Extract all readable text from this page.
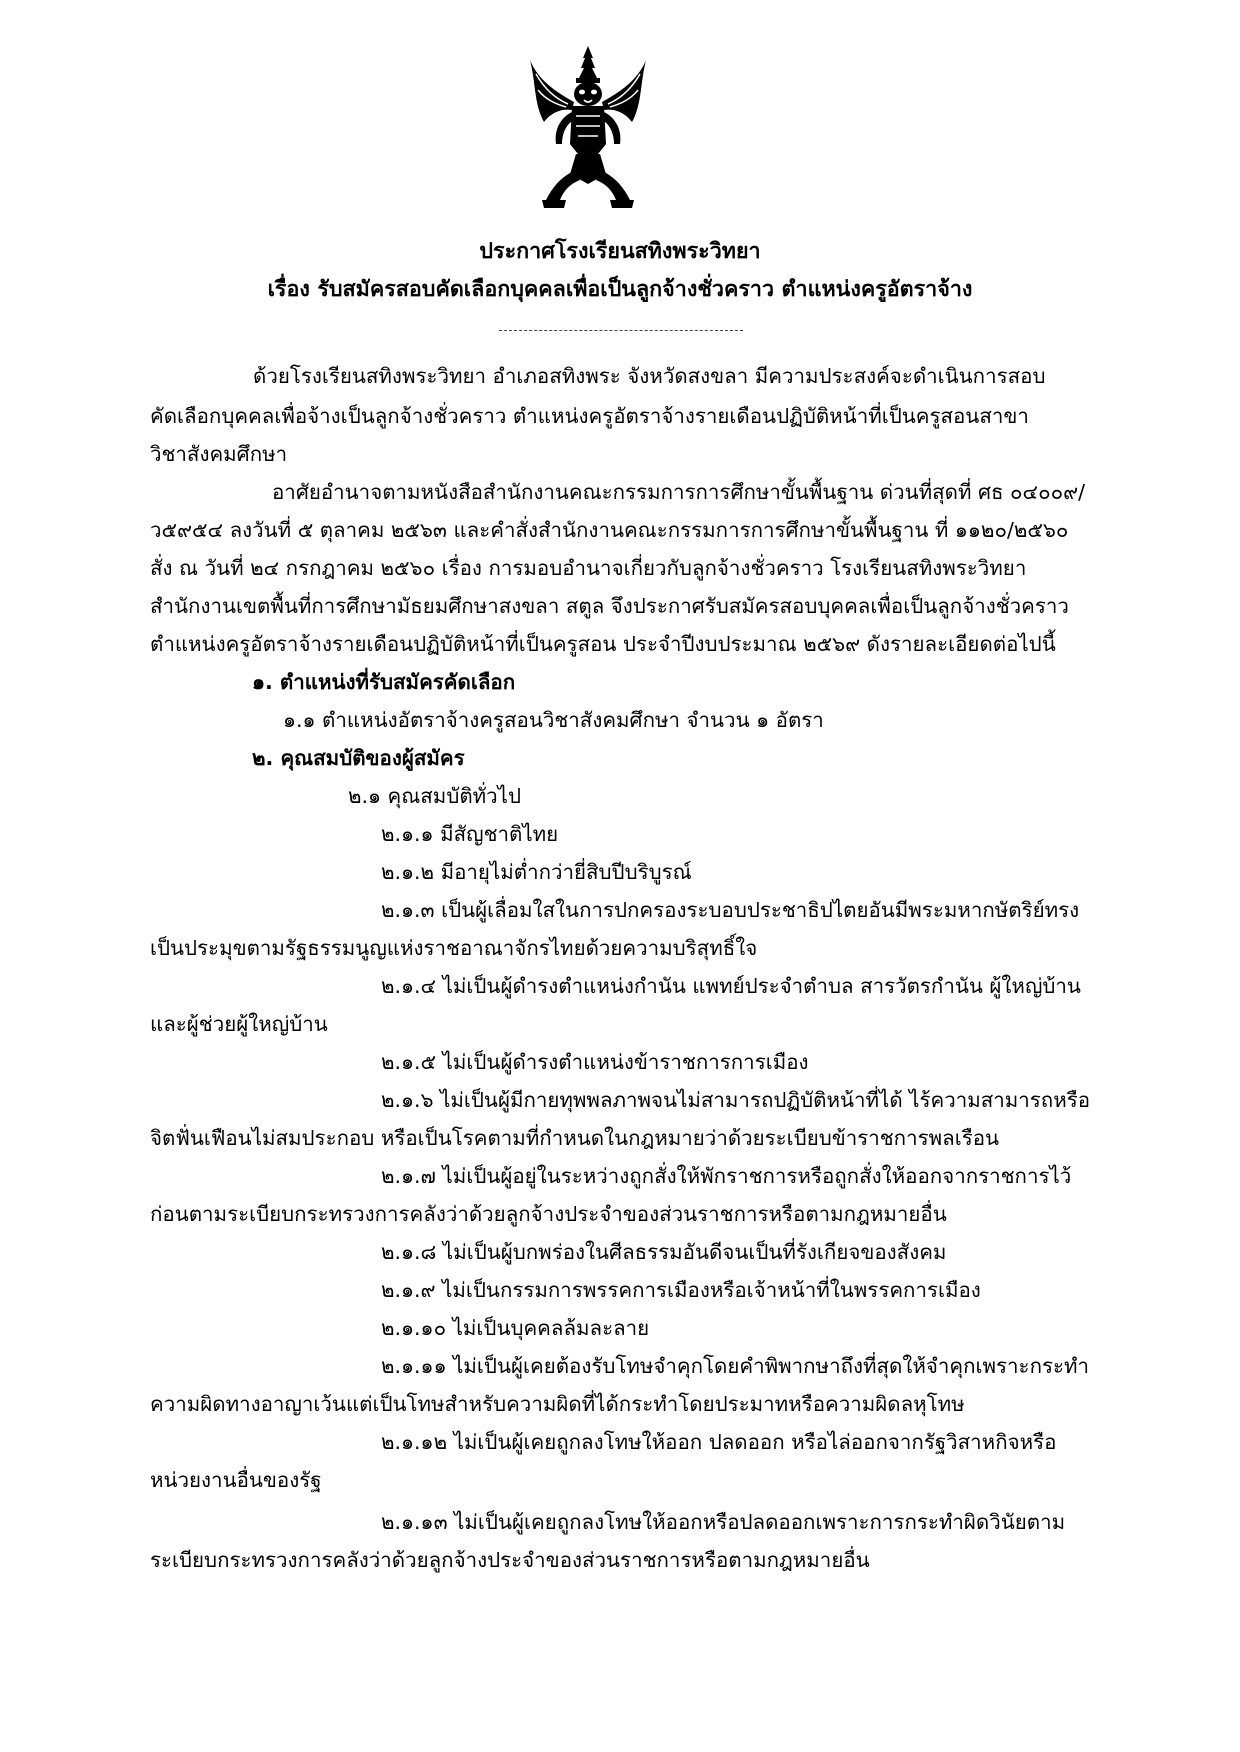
ประกาศโรงเรียนสทิงพระวิทยา
เรื่อง รับสมัครสอบคัดเลือกบุคคลเพื่อเป็นลูกจ้างชั่วคราว ตำแหน่งครูอัตราจ้าง
ด้วยโรงเรียนสทิงพระวิทยา อำเภอสทิงพระ จังหวัดสงขลา มีความประสงค์จะดำเนินการสอบ
คัดเลือกบุคคลเพื่อจ้างเป็นลูกจ้างชั่วคราว ตำแหน่งครูอัตราจ้างรายเดือนปฏิบัติหน้าที่เป็นครูสอนสาขา
วิชาสังคมศึกษา
อาศัยอำนาจตามหนังสือสำนักงานคณะกรรมการการศึกษาขั้นพื้นฐาน ด่วนที่สุดที่ ศธ ๐๔๐๐๙/
ว๕๙๕๔ ลงวันที่ ๕ ตุลาคม ๒๕๖๓ และคำสั่งสำนักงานคณะกรรมการการศึกษาขั้นพื้นฐาน ที่ ๑๑๒๐/๒๕๖๐
สั่ง ณ วันที่ ๒๔ กรกฎาคม ๒๕๖๐ เรื่อง การมอบอำนาจเกี่ยวกับลูกจ้างชั่วคราว โรงเรียนสทิงพระวิทยา
สำนักงานเขตพื้นที่การศึกษามัธยมศึกษาสงขลา สตูล จึงประกาศรับสมัครสอบบุคคลเพื่อเป็นลูกจ้างชั่วคราว
ตำแหน่งครูอัตราจ้างรายเดือนปฏิบัติหน้าที่เป็นครูสอน ประจำปีงบประมาณ ๒๕๖๙ ดังรายละเอียดต่อไปนี้
๑. ตำแหน่งที่รับสมัครคัดเลือก
๑.๑ ตำแหน่งอัตราจ้างครูสอนวิชาสังคมศึกษา จำนวน ๑ อัตรา
๒. คุณสมบัติของผู้สมัคร
๒.๑ คุณสมบัติทั่วไป
๒.๑.๑ มีสัญชาติไทย
๒.๑.๒ มีอายุไม่ต่ำกว่ายี่สิบปีบริบูรณ์
๒.๑.๓ เป็นผู้เลื่อมใสในการปกครองระบอบประชาธิปไตยอันมีพระมหากษัตริย์ทรง
เป็นประมุขตามรัฐธรรมนูญแห่งราชอาณาจักรไทยด้วยความบริสุทธิ์ใจ
๒.๑.๔ ไม่เป็นผู้ดำรงตำแหน่งกำนัน แพทย์ประจำตำบล สารวัตรกำนัน ผู้ใหญ่บ้าน
และผู้ช่วยผู้ใหญ่บ้าน
๒.๑.๕ ไม่เป็นผู้ดำรงตำแหน่งข้าราชการการเมือง
๒.๑.๖ ไม่เป็นผู้มีกายทุพพลภาพจนไม่สามารถปฏิบัติหน้าที่ได้ ไร้ความสามารถหรือ
จิตฟั่นเฟือนไม่สมประกอบ หรือเป็นโรคตามที่กำหนดในกฎหมายว่าด้วยระเบียบข้าราชการพลเรือน
๒.๑.๗ ไม่เป็นผู้อยู่ในระหว่างถูกสั่งให้พักราชการหรือถูกสั่งให้ออกจากราชการไว้
ก่อนตามระเบียบกระทรวงการคลังว่าด้วยลูกจ้างประจำของส่วนราชการหรือตามกฎหมายอื่น
๒.๑.๘ ไม่เป็นผู้บกพร่องในศีลธรรมอันดีจนเป็นที่รังเกียจของสังคม
๒.๑.๙ ไม่เป็นกรรมการพรรคการเมืองหรือเจ้าหน้าที่ในพรรคการเมือง
๒.๑.๑๐ ไม่เป็นบุคคลล้มละลาย
๒.๑.๑๑ ไม่เป็นผู้เคยต้องรับโทษจำคุกโดยคำพิพากษาถึงที่สุดให้จำคุกเพราะกระทำ
ความผิดทางอาญาเว้นแต่เป็นโทษสำหรับความผิดที่ได้กระทำโดยประมาทหรือความผิดลหุโทษ
๒.๑.๑๒ ไม่เป็นผู้เคยถูกลงโทษให้ออก ปลดออก หรือไล่ออกจากรัฐวิสาหกิจหรือ
หน่วยงานอื่นของรัฐ
๒.๑.๑๓ ไม่เป็นผู้เคยถูกลงโทษให้ออกหรือปลดออกเพราะการกระทำผิดวินัยตาม
ระเบียบกระทรวงการคลังว่าด้วยลูกจ้างประจำของส่วนราชการหรือตามกฎหมายอื่น
